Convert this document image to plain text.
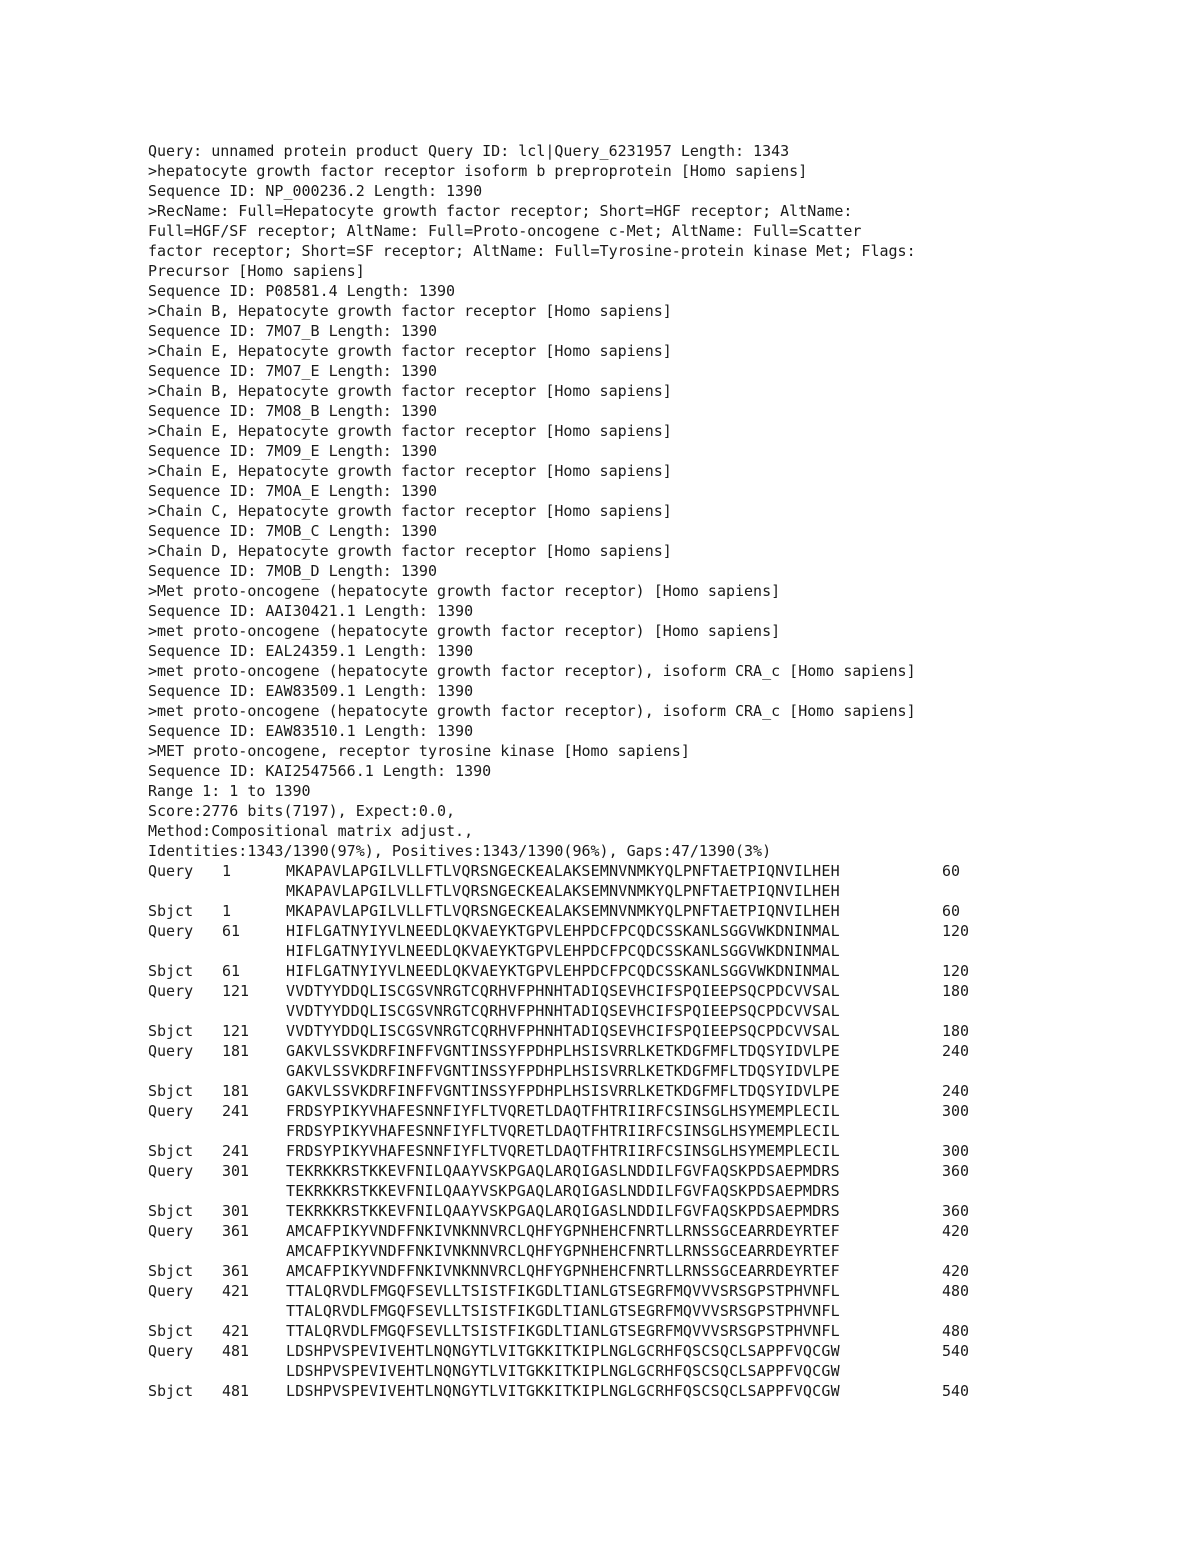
Query: unnamed protein product Query ID: lcl|Query_6231957 Length: 1343
>hepatocyte growth factor receptor isoform b preproprotein [Homo sapiens]
Sequence ID: NP_000236.2 Length: 1390
>RecName: Full=Hepatocyte growth factor receptor; Short=HGF receptor; AltName:
Full=HGF/SF receptor; AltName: Full=Proto-oncogene c-Met; AltName: Full=Scatter
factor receptor; Short=SF receptor; AltName: Full=Tyrosine-protein kinase Met; Flags:
Precursor [Homo sapiens]
Sequence ID: P08581.4 Length: 1390
>Chain B, Hepatocyte growth factor receptor [Homo sapiens]
Sequence ID: 7MO7_B Length: 1390
>Chain E, Hepatocyte growth factor receptor [Homo sapiens]
Sequence ID: 7MO7_E Length: 1390
>Chain B, Hepatocyte growth factor receptor [Homo sapiens]
Sequence ID: 7MO8_B Length: 1390
>Chain E, Hepatocyte growth factor receptor [Homo sapiens]
Sequence ID: 7MO9_E Length: 1390
>Chain E, Hepatocyte growth factor receptor [Homo sapiens]
Sequence ID: 7MOA_E Length: 1390
>Chain C, Hepatocyte growth factor receptor [Homo sapiens]
Sequence ID: 7MOB_C Length: 1390
>Chain D, Hepatocyte growth factor receptor [Homo sapiens]
Sequence ID: 7MOB_D Length: 1390
>Met proto-oncogene (hepatocyte growth factor receptor) [Homo sapiens]
Sequence ID: AAI30421.1 Length: 1390
>met proto-oncogene (hepatocyte growth factor receptor) [Homo sapiens]
Sequence ID: EAL24359.1 Length: 1390
>met proto-oncogene (hepatocyte growth factor receptor), isoform CRA_c [Homo sapiens]
Sequence ID: EAW83509.1 Length: 1390
>met proto-oncogene (hepatocyte growth factor receptor), isoform CRA_c [Homo sapiens]
Sequence ID: EAW83510.1 Length: 1390
>MET proto-oncogene, receptor tyrosine kinase [Homo sapiens]
Sequence ID: KAI2547566.1 Length: 1390
Range 1: 1 to 1390
Score:2776 bits(7197), Expect:0.0,
Method:Compositional matrix adjust.,
Identities:1343/1390(97%), Positives:1343/1390(96%), Gaps:47/1390(3%)
Query 1	MKAPAVLAPGILVLLFTLVQRSNGECKEALAKSEMNVNMKYQLPNFTAETPIQNVILHEH	60
MKAPAVLAPGILVLLFTLVQRSNGECKEALAKSEMNVNMKYQLPNFTAETPIQNVILHEH
Sbjct 1	MKAPAVLAPGILVLLFTLVQRSNGECKEALAKSEMNVNMKYQLPNFTAETPIQNVILHEH	60
Query 61	HIFLGATNYIYVLNEEDLQKVAEYKTGPVLEHPDCFPCQDCSSKANLSGGVWKDNINMAL	120
HIFLGATNYIYVLNEEDLQKVAEYKTGPVLEHPDCFPCQDCSSKANLSGGVWKDNINMAL
Sbjct 61	HIFLGATNYIYVLNEEDLQKVAEYKTGPVLEHPDCFPCQDCSSKANLSGGVWKDNINMAL	120
Query 121 VVDTYYDDQLISCGSVNRGTCQRHVFPHNHTADIQSEVHCIFSPQIEEPSQCPDCVVSAL	180
VVDTYYDDQLISCGSVNRGTCQRHVFPHNHTADIQSEVHCIFSPQIEEPSQCPDCVVSAL
Sbjct 121 VVDTYYDDQLISCGSVNRGTCQRHVFPHNHTADIQSEVHCIFSPQIEEPSQCPDCVVSAL	180
Query 181 GAKVLSSVKDRFINFFVGNTINSSYFPDHPLHSISVRRLKETKDGFMFLTDQSYIDVLPE	240
GAKVLSSVKDRFINFFVGNTINSSYFPDHPLHSISVRRLKETKDGFMFLTDQSYIDVLPE
Sbjct 181 GAKVLSSVKDRFINFFVGNTINSSYFPDHPLHSISVRRLKETKDGFMFLTDQSYIDVLPE	240
Query 241 FRDSYPIKYVHAFESNNFIYFLTVQRETLDAQTFHTRIIRFCSINSGLHSYMEMPLECIL	300
FRDSYPIKYVHAFESNNFIYFLTVQRETLDAQTFHTRIIRFCSINSGLHSYMEMPLECIL
Sbjct 241 FRDSYPIKYVHAFESNNFIYFLTVQRETLDAQTFHTRIIRFCSINSGLHSYMEMPLECIL	300
Query 301 TEKRKKRSTKKEVFNILQAAYVSKPGAQLARQIGASLNDDILFGVFAQSKPDSAEPMDRS	360
TEKRKKRSTKKEVFNILQAAYVSKPGAQLARQIGASLNDDILFGVFAQSKPDSAEPMDRS
Sbjct 301 TEKRKKRSTKKEVFNILQAAYVSKPGAQLARQIGASLNDDILFGVFAQSKPDSAEPMDRS	360
Query 361 AMCAFPIKYVNDFFNKIVNKNNVRCLQHFYGPNHEHCFNRTLLRNSSGCEARRDEYRTEF	420
AMCAFPIKYVNDFFNKIVNKNNVRCLQHFYGPNHEHCFNRTLLRNSSGCEARRDEYRTEF
Sbjct 361 AMCAFPIKYVNDFFNKIVNKNNVRCLQHFYGPNHEHCFNRTLLRNSSGCEARRDEYRTEF	420
Query 421 TTALQRVDLFMGQFSEVLLTSISTFIKGDLTIANLGTSEGRFMQVVVSRSGPSTPHVNFL	480
TTALQRVDLFMGQFSEVLLTSISTFIKGDLTIANLGTSEGRFMQVVVSRSGPSTPHVNFL
Sbjct 421 TTALQRVDLFMGQFSEVLLTSISTFIKGDLTIANLGTSEGRFMQVVVSRSGPSTPHVNFL	480
Query 481 LDSHPVSPEVIVEHTLNQNGYTLVITGKKITKIPLNGLGCRHFQSCSQCLSAPPFVQCGW	540
LDSHPVSPEVIVEHTLNQNGYTLVITGKKITKIPLNGLGCRHFQSCSQCLSAPPFVQCGW
Sbjct 481 LDSHPVSPEVIVEHTLNQNGYTLVITGKKITKIPLNGLGCRHFQSCSQCLSAPPFVQCGW	540
